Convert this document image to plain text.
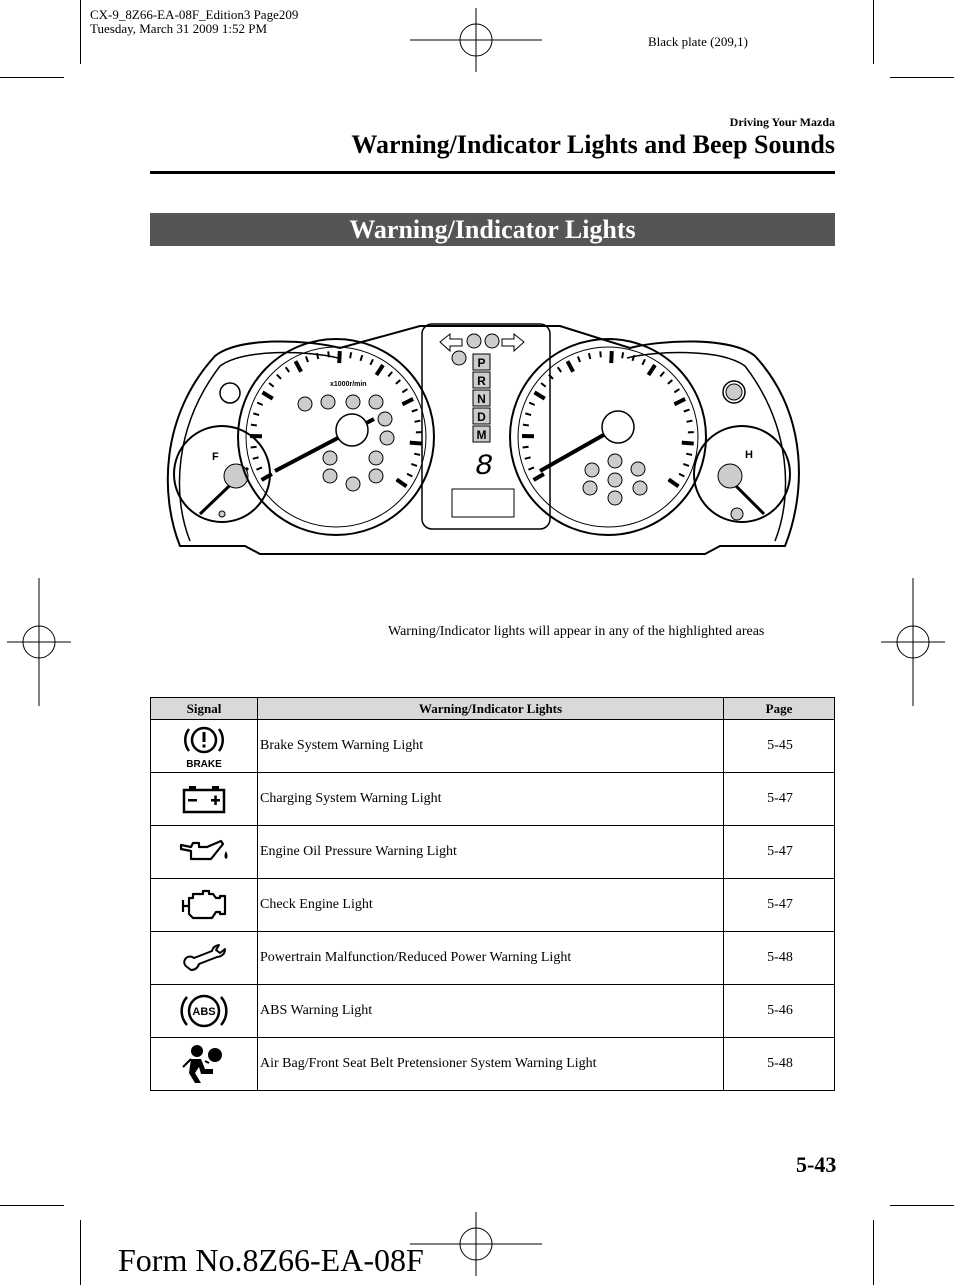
CX-9_8Z66-EA-08F_Edition3 Page209
Tuesday, March 31 2009 1:52 PM
Black plate (209,1)
Driving Your Mazda
Warning/Indicator Lights and Beep Sounds
Warning/Indicator Lights
F
x1000r/min
P
R
N
D
M
8	H
Warning/Indicator lights will appear in any of the highlighted areas
Signal	Warning/Indicator Lights	Page

BRAKE	Brake System Warning Light	5-45

	Charging System Warning Light	5-47

	Engine Oil Pressure Warning Light	5-47

	Check Engine Light	5-47

	Powertrain Malfunction/Reduced Power Warning Light	5-48

ABS	ABS Warning Light	5-46

	Air Bag/Front Seat Belt Pretensioner System Warning Light	5-48
5-43
Form No.8Z66-EA-08F
